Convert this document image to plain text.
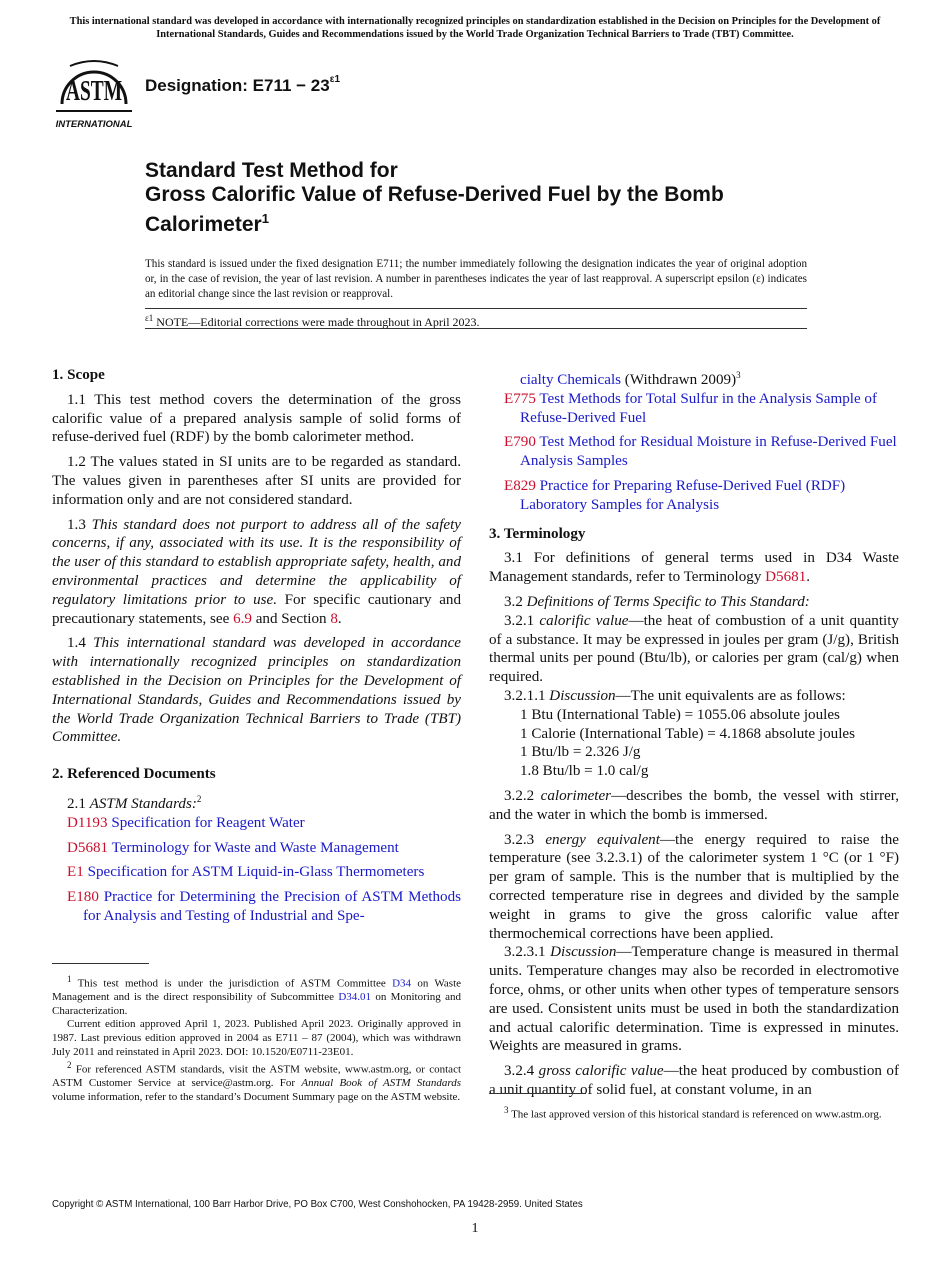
This international standard was developed in accordance with internationally recognized principles on standardization established in the Decision on Principles for the Development of International Standards, Guides and Recommendations issued by the World Trade Organization Technical Barriers to Trade (TBT) Committee.
ASTM
INTERNATIONAL
Designation: $E711 - 23^{\varepsilon 1}$
Standard Test Method for
Gross Calorific Value of Refuse-Derived Fuel by the Bomb Calorimeter$^1$
This standard is issued under the fixed designation E711; the number immediately following the designation indicates the year of original adoption or, in the case of revision, the year of last revision. A number in parentheses indicates the year of last reapproval. A superscript epsilon (ε) indicates an editorial change since the last revision or reapproval.
$^{\varepsilon 1}$ NOTE—Editorial corrections were made throughout in April 2023.

1. Scope

1.1 This test method covers the determination of the gross calorific value of a prepared analysis sample of solid forms of refuse-derived fuel (RDF) by the bomb calorimeter method.

1.2 The values stated in SI units are to be regarded as standard. The values given in parentheses after SI units are provided for information only and are not considered standard.

1.3 This standard does not purport to address all of the safety concerns, if any, associated with its use. It is the responsibility of the user of this standard to establish appropriate safety, health, and environmental practices and determine the applicability of regulatory limitations prior to use. For specific cautionary and precautionary statements, see 6.9 and Section 8.

1.4 This international standard was developed in accordance with internationally recognized principles on standardization established in the Decision on Principles for the Development of International Standards, Guides and Recommendations issued by the World Trade Organization Technical Barriers to Trade (TBT) Committee.

2. Referenced Documents

2.1 ASTM Standards:$^2$

D1193 Specification for Reagent Water

D5681 Terminology for Waste and Waste Management

E1 Specification for ASTM Liquid-in-Glass Thermometers

E180 Practice for Determining the Precision of ASTM Methods for Analysis and Testing of Industrial and Spe-

$^1$ This test method is under the jurisdiction of ASTM Committee D34 on Waste Management and is the direct responsibility of Subcommittee D34.01 on Monitoring and Characterization.

Current edition approved April 1, 2023. Published April 2023. Originally approved in 1987. Last previous edition approved in 2004 as E711 – 87 (2004), which was withdrawn July 2011 and reinstated in April 2023. DOI: 10.1520/E0711-23E01.

$^2$ For referenced ASTM standards, visit the ASTM website, www.astm.org, or contact ASTM Customer Service at service@astm.org. For Annual Book of ASTM Standards volume information, refer to the standard’s Document Summary page on the ASTM website.

cialty Chemicals (Withdrawn 2009)$^3$

E775 Test Methods for Total Sulfur in the Analysis Sample of Refuse-Derived Fuel

E790 Test Method for Residual Moisture in Refuse-Derived Fuel Analysis Samples

E829 Practice for Preparing Refuse-Derived Fuel (RDF) Laboratory Samples for Analysis

3. Terminology

3.1 For definitions of general terms used in D34 Waste Management standards, refer to Terminology D5681.

3.2 Definitions of Terms Specific to This Standard:

3.2.1 calorific value—the heat of combustion of a unit quantity of a substance. It may be expressed in joules per gram (J/g), British thermal units per pound (Btu/lb), or calories per gram (cal/g) when required.

3.2.1.1 Discussion—The unit equivalents are as follows:

1 Btu (International Table) = 1055.06 absolute joules
1 Calorie (International Table) = 4.1868 absolute joules
1 Btu/lb = 2.326 J/g
1.8 Btu/lb = 1.0 cal/g

3.2.2 calorimeter—describes the bomb, the vessel with stirrer, and the water in which the bomb is immersed.

3.2.3 energy equivalent—the energy required to raise the temperature (see 3.2.3.1) of the calorimeter system 1 °C (or 1 °F) per gram of sample. This is the number that is multiplied by the corrected temperature rise in degrees and divided by the sample weight in grams to give the gross calorific value after thermochemical corrections have been applied.

3.2.3.1 Discussion—Temperature change is measured in thermal units. Temperature changes may also be recorded in electromotive force, ohms, or other units when other types of temperature sensors are used. Consistent units must be used in both the standardization and actual calorific determination. Time is expressed in minutes. Weights are measured in grams.

3.2.4 gross calorific value—the heat produced by combustion of a unit quantity of solid fuel, at constant volume, in an

$^3$ The last approved version of this historical standard is referenced on www.astm.org.

Copyright © ASTM International, 100 Barr Harbor Drive, PO Box C700, West Conshohocken, PA 19428-2959. United States
1
